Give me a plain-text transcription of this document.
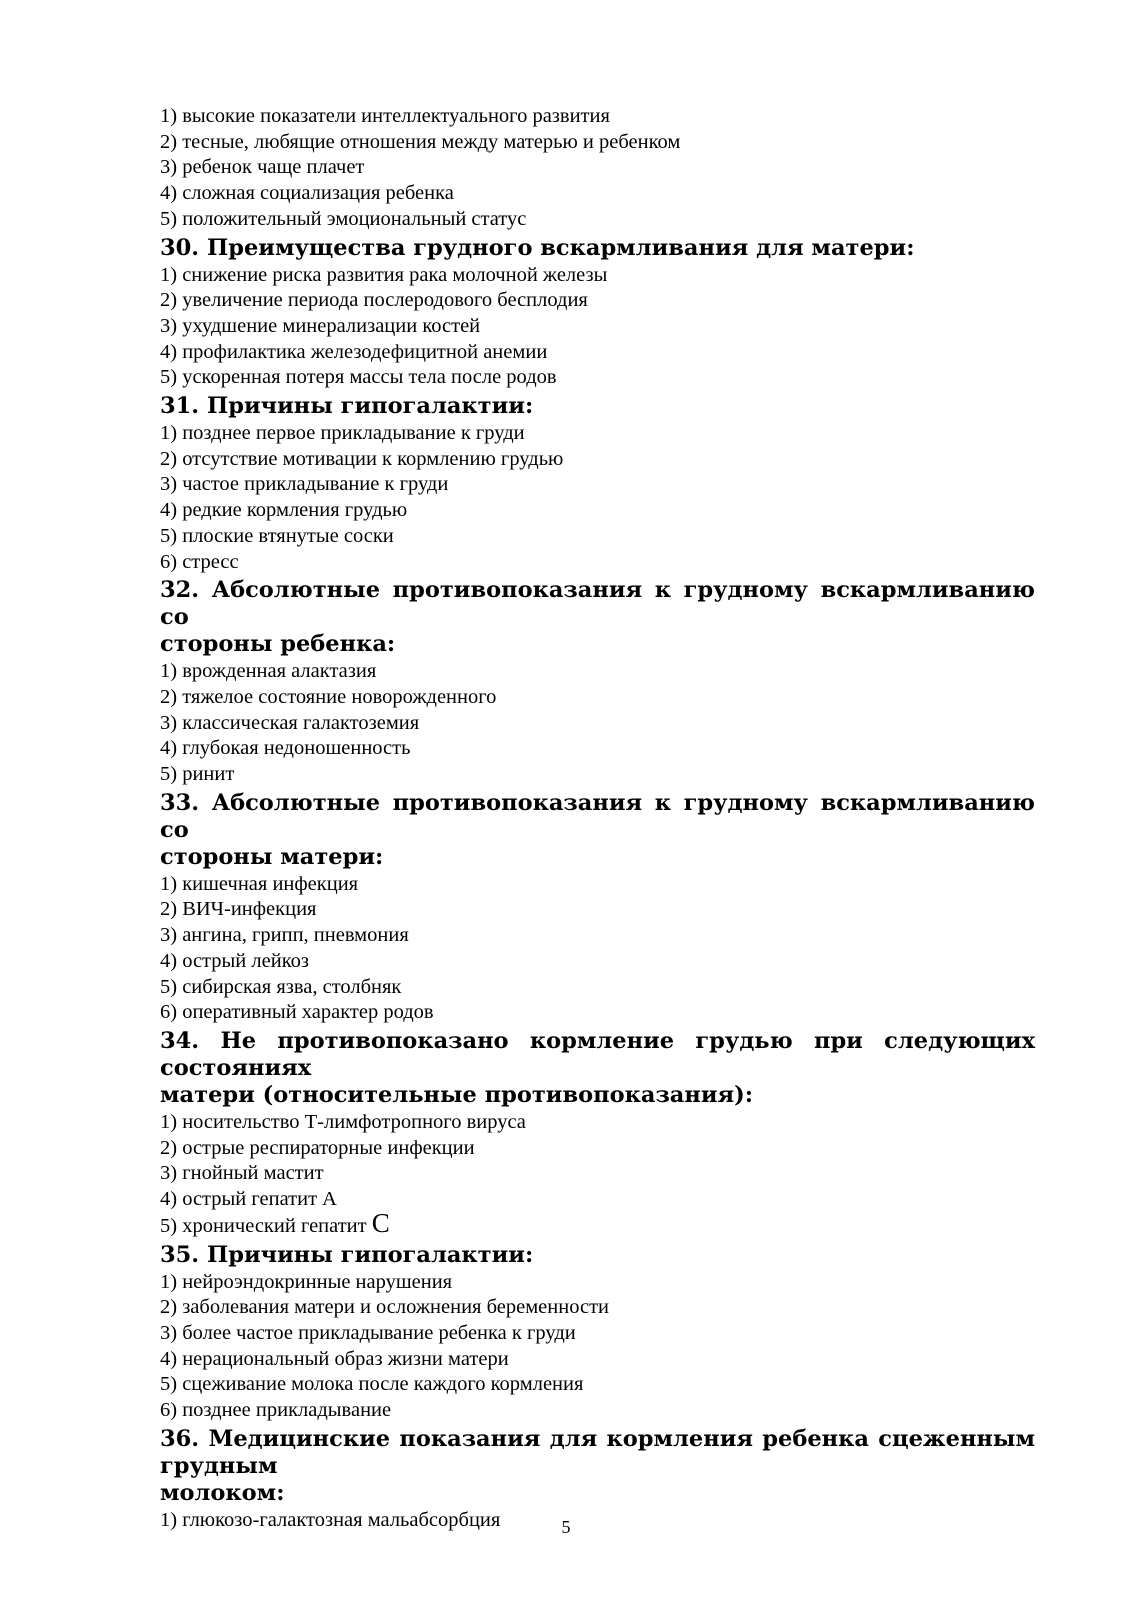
1) высокие показатели интеллектуального развития
2) тесные, любящие отношения между матерью и ребенком
3) ребенок чаще плачет
4) сложная социализация ребенка
5) положительный эмоциональный статус
30. Преимущества грудного вскармливания для матери:
1) снижение риска развития рака молочной железы
2) увеличение периода послеродового бесплодия
3) ухудшение минерализации костей
4) профилактика железодефицитной анемии
5) ускоренная потеря массы тела после родов
31. Причины гипогалактии:
1) позднее первое прикладывание к груди
2) отсутствие мотивации к кормлению грудью
3) частое прикладывание к груди
4) редкие кормления грудью
5) плоские втянутые соски
6) стресс
32. Абсолютные противопоказания к грудному вскармливанию со
стороны ребенка:
1) врожденная алактазия
2) тяжелое состояние новорожденного
3) классическая галактоземия
4) глубокая недоношенность
5) ринит
33. Абсолютные противопоказания к грудному вскармливанию со
стороны матери:
1) кишечная инфекция
2) ВИЧ-инфекция
3) ангина, грипп, пневмония
4) острый лейкоз
5) сибирская язва, столбняк
6) оперативный характер родов
34. Не противопоказано кормление грудью при следующих состояниях
матери (относительные противопоказания):
1) носительство Т-лимфотропного вируса
2) острые респираторные инфекции
3) гнойный мастит
4) острый гепатит А
5) хронический гепатит С
35. Причины гипогалактии:
1) нейроэндокринные нарушения
2) заболевания матери и осложнения беременности
3) более частое прикладывание ребенка к груди
4) нерациональный образ жизни матери
5) сцеживание молока после каждого кормления
6) позднее прикладывание
36. Медицинские показания для кормления ребенка сцеженным грудным
молоком:
1) глюкозо-галактозная мальабсорбция	5
